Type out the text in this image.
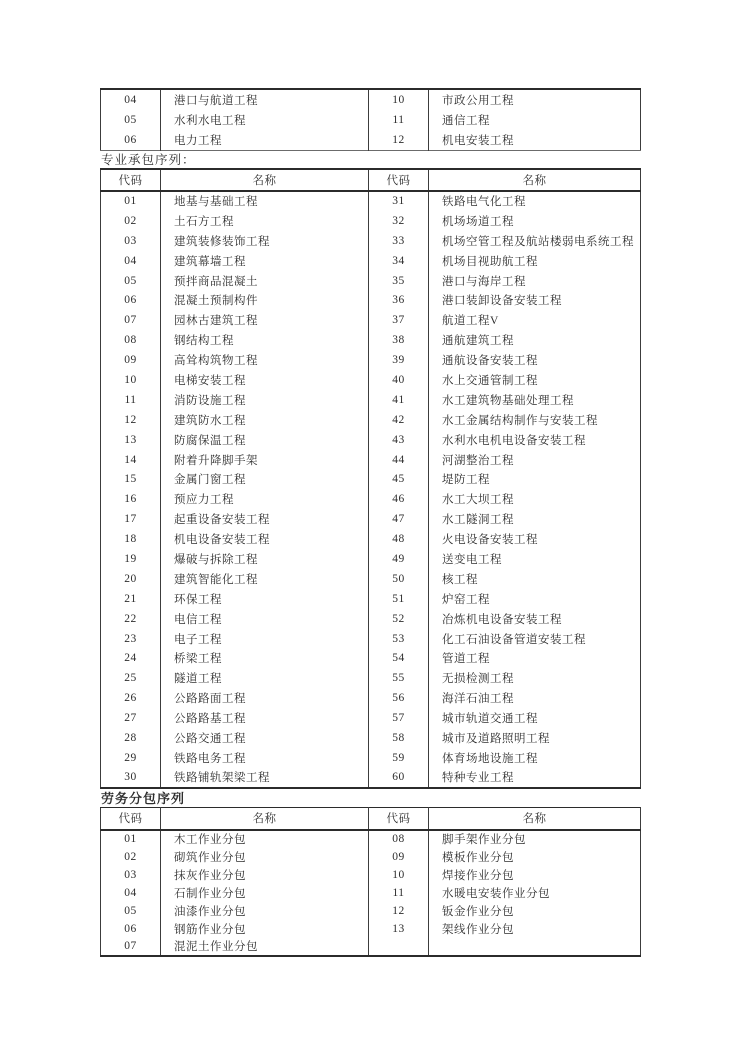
04	港口与航道工程	10	市政公用工程
05	水利水电工程	11	通信工程
06	电力工程	12	机电安装工程
专业承包序列：
代码	名称	代码	名称
01	地基与基础工程	31	铁路电气化工程
02	土石方工程	32	机场场道工程
03	建筑装修装饰工程	33	机场空管工程及航站楼弱电系统工程
04	建筑幕墙工程	34	机场目视助航工程
05	预拌商品混凝土	35	港口与海岸工程
06	混凝土预制构件	36	港口装卸设备安装工程
07	园林古建筑工程	37	航道工程V
08	钢结构工程	38	通航建筑工程
09	高耸构筑物工程	39	通航设备安装工程
10	电梯安装工程	40	水上交通管制工程
11	消防设施工程	41	水工建筑物基础处理工程
12	建筑防水工程	42	水工金属结构制作与安装工程
13	防腐保温工程	43	水利水电机电设备安装工程
14	附着升降脚手架	44	河湖整治工程
15	金属门窗工程	45	堤防工程
16	预应力工程	46	水工大坝工程
17	起重设备安装工程	47	水工隧洞工程
18	机电设备安装工程	48	火电设备安装工程
19	爆破与拆除工程	49	送变电工程
20	建筑智能化工程	50	核工程
21	环保工程	51	炉窑工程
22	电信工程	52	冶炼机电设备安装工程
23	电子工程	53	化工石油设备管道安装工程
24	桥梁工程	54	管道工程
25	隧道工程	55	无损检测工程
26	公路路面工程	56	海洋石油工程
27	公路路基工程	57	城市轨道交通工程
28	公路交通工程	58	城市及道路照明工程
29	铁路电务工程	59	体育场地设施工程
30	铁路铺轨架梁工程	60	特种专业工程
劳务分包序列
代码	名称	代码	名称
01	木工作业分包	08	脚手架作业分包
02	砌筑作业分包	09	模板作业分包
03	抹灰作业分包	10	焊接作业分包
04	石制作业分包	11	水暖电安装作业分包
05	油漆作业分包	12	钣金作业分包
06	钢筋作业分包	13	架线作业分包
07	混泥土作业分包		
